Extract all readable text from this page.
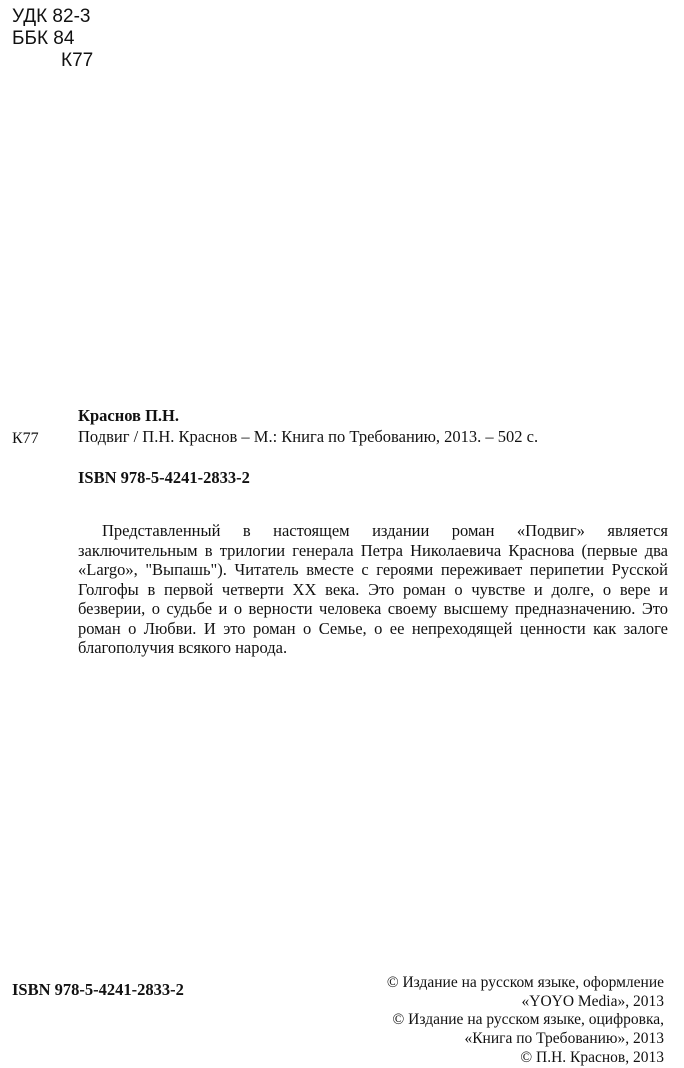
УДК 82-3
ББК 84
К77
К77
Краснов П.Н.
Подвиг / П.Н. Краснов – М.: Книга по Требованию, 2013. – 502 с.
ISBN 978-5-4241-2833-2

Представленный в настоящем издании роман «Подвиг» является заключительным в трилогии генерала Петра Николаевича Краснова (первые два «Largo», "Выпашь"). Читатель вместе с героями переживает перипетии Русской Голгофы в первой четверти XX века. Это роман о чувстве и долге, о вере и безверии, о судьбе и о верности человека своему высшему предназначению. Это роман о Любви. И это роман о Семье, о ее непреходящей ценности как залоге благополучия всякого народа.

ISBN 978-5-4241-2833-2	© Издание на русском языке, оформление
«YOYO Media», 2013
© Издание на русском языке, оцифровка,
«Книга по Требованию», 2013
© П.Н. Краснов, 2013
